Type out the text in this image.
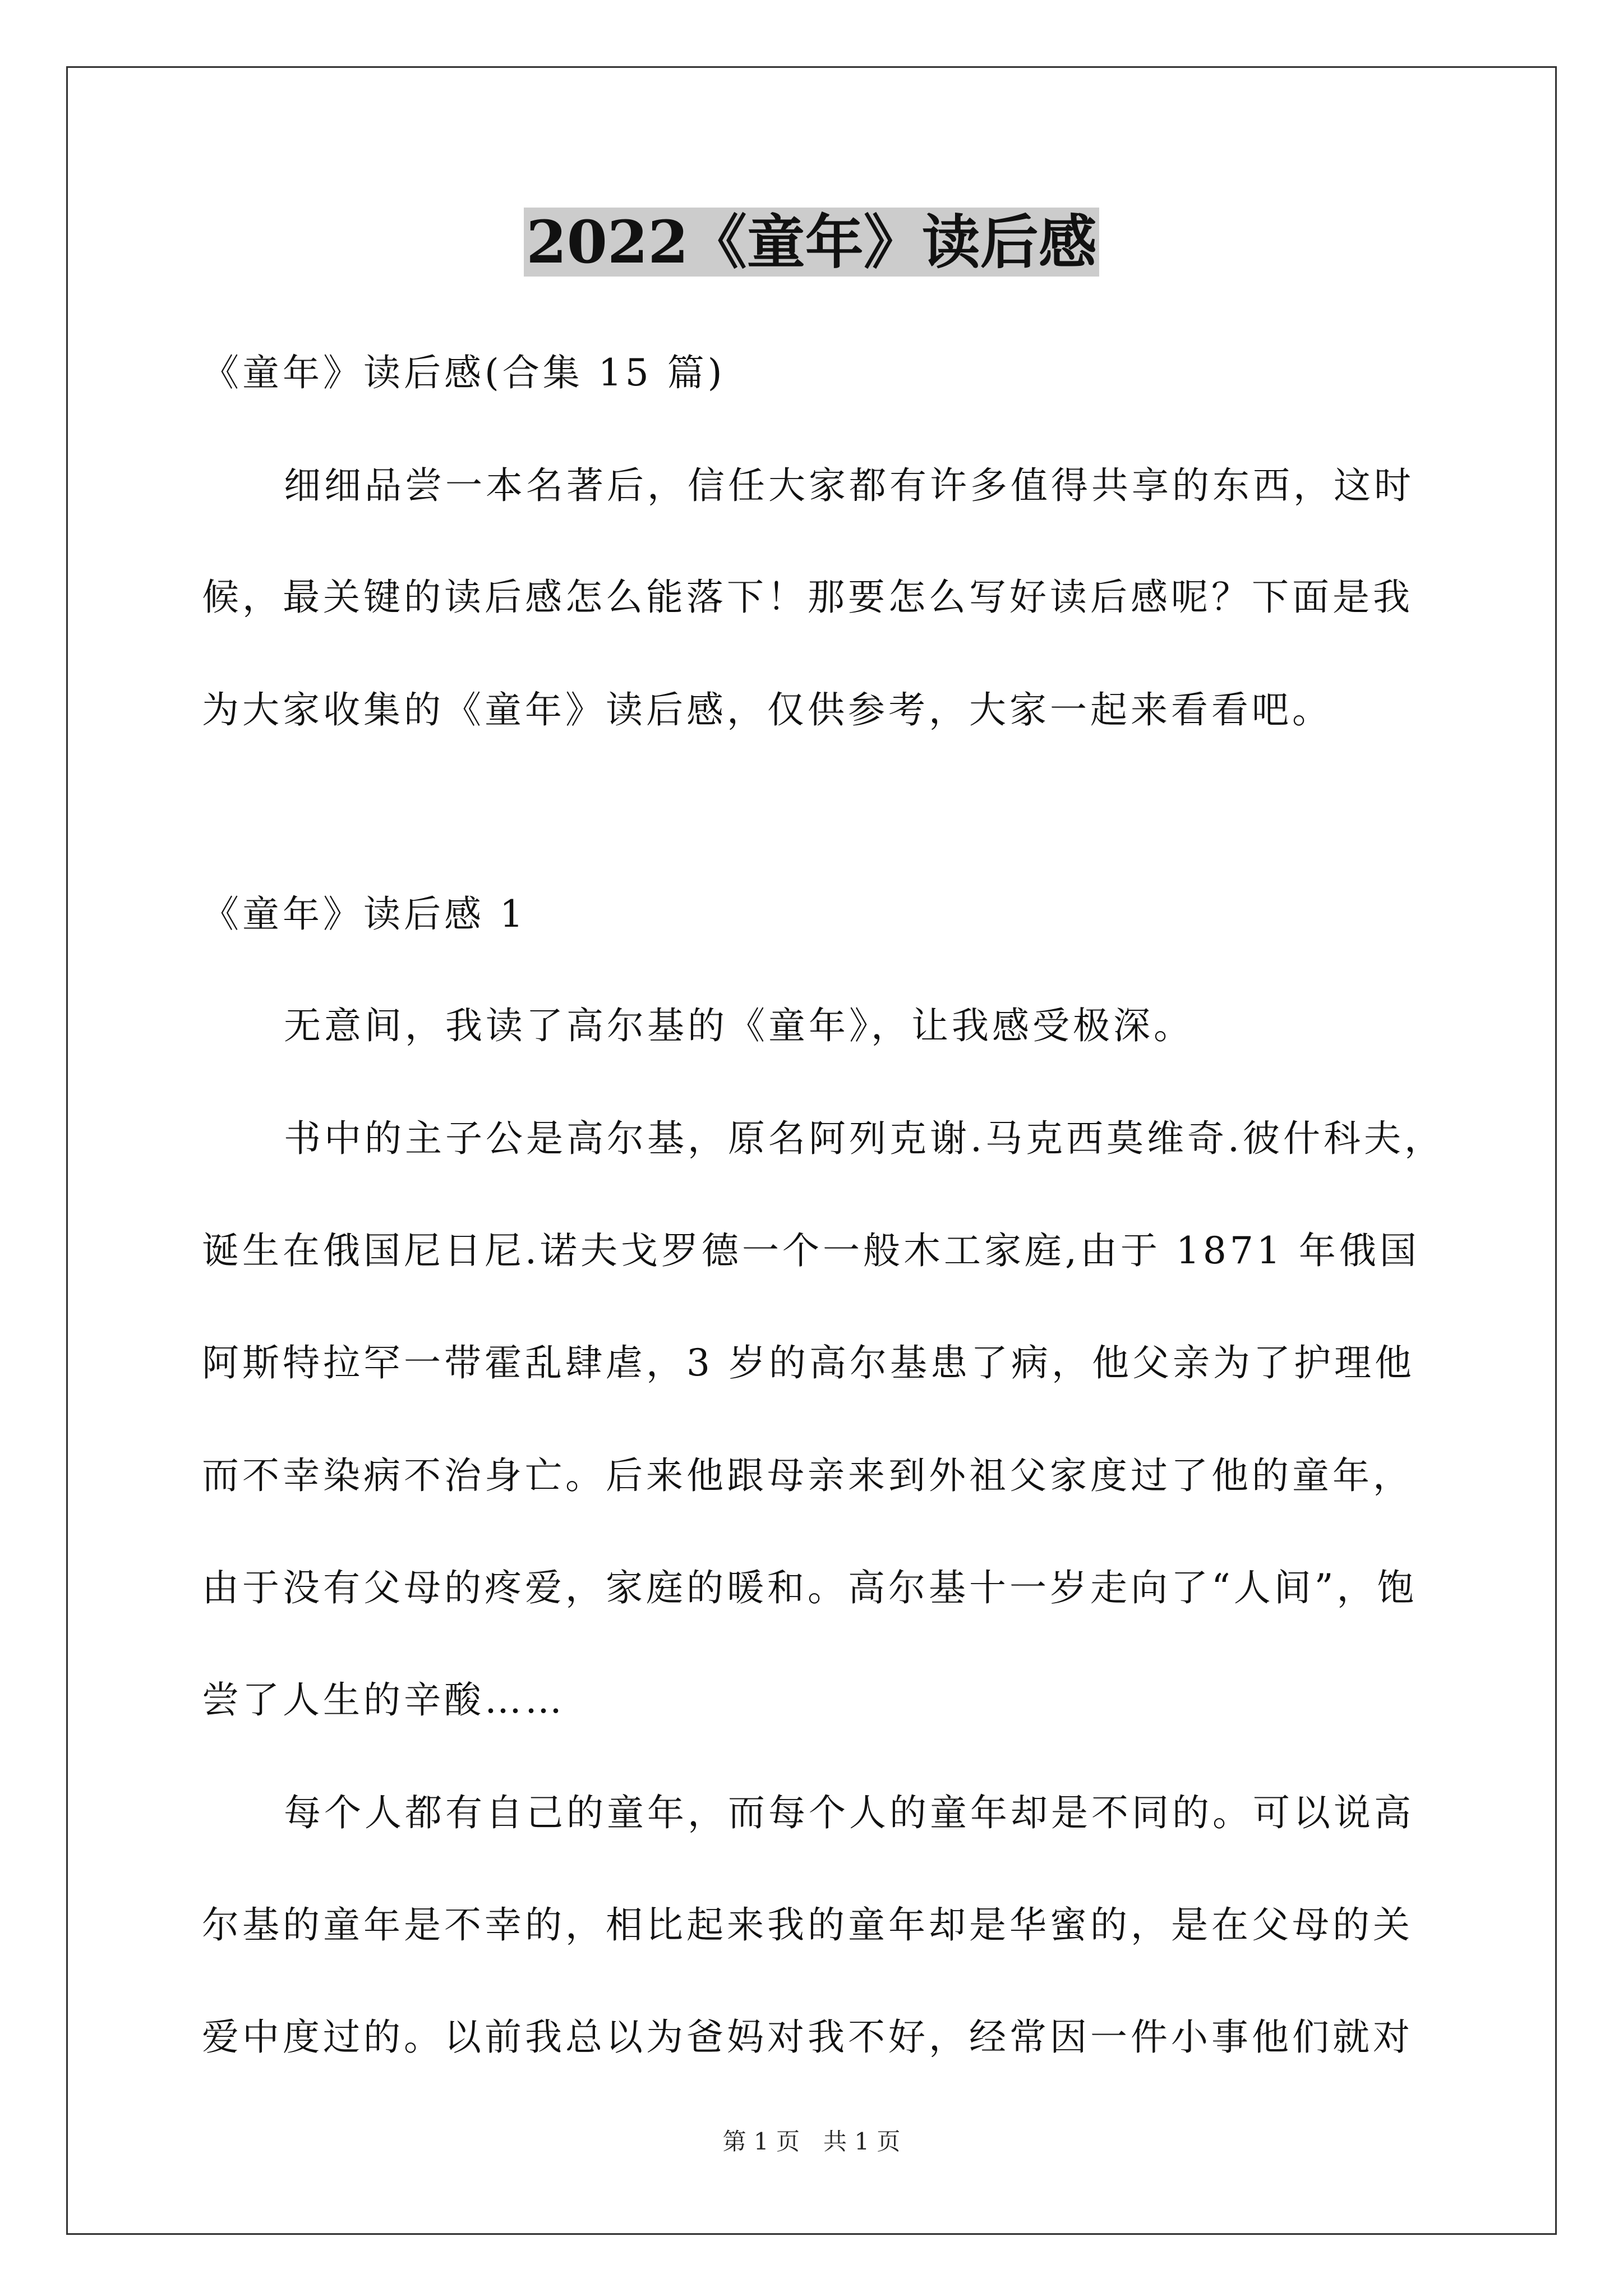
2022《童年》读后感
《童年》读后感(合集 15 篇)
细细品尝一本名著后，信任大家都有许多值得共享的东西，这时
候，最关键的读后感怎么能落下！那要怎么写好读后感呢？下面是我
为大家收集的《童年》读后感，仅供参考，大家一起来看看吧。
《童年》读后感 1
无意间，我读了高尔基的《童年》，让我感受极深。
书中的主子公是高尔基，原名阿列克谢.马克西莫维奇.彼什科夫，
诞生在俄国尼日尼.诺夫戈罗德一个一般木工家庭,由于 1871 年俄国
阿斯特拉罕一带霍乱肆虐，3 岁的高尔基患了病，他父亲为了护理他
而不幸染病不治身亡。后来他跟母亲来到外祖父家度过了他的童年，
由于没有父母的疼爱，家庭的暖和。高尔基十一岁走向了“人间”，饱
尝了人生的辛酸……
每个人都有自己的童年，而每个人的童年却是不同的。可以说高
尔基的童年是不幸的，相比起来我的童年却是华蜜的，是在父母的关
爱中度过的。以前我总以为爸妈对我不好，经常因一件小事他们就对
第 1 页　共 1 页
